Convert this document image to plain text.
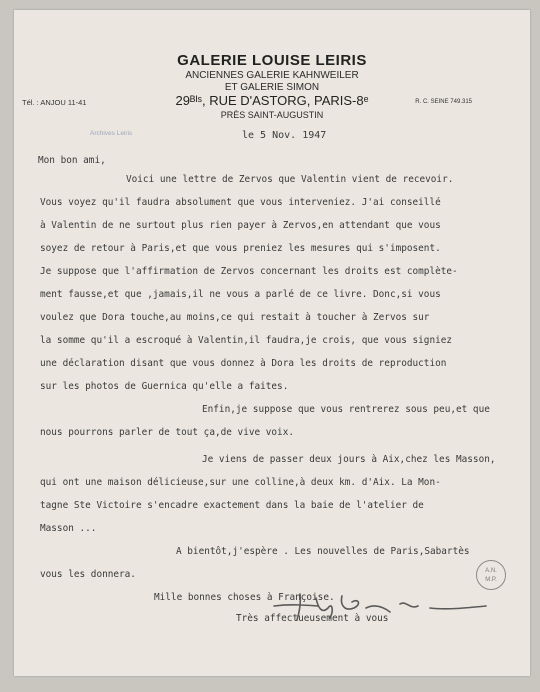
GALERIE LOUISE LEIRIS
ANCIENNES GALERIE KAHNWEILER
ET GALERIE SIMON
29ᴮᴵˢ, RUE D'ASTORG, PARIS-8ᵉ
PRÈS SAINT-AUGUSTIN
Tél. : ANJOU 11-41	R. C. SEINE 749.315
Archives Leiris	le 5 Nov. 1947
Mon bon ami,
Voici une lettre de Zervos que Valentin vient de recevoir.
Vous voyez qu'il faudra absolument que vous interveniez. J'ai conseillé
à Valentin de ne surtout plus rien payer à Zervos,en attendant que vous
soyez de retour à Paris,et que vous preniez les mesures qui s'imposent.
Je suppose que l'affirmation de Zervos concernant les droits est complète-
ment fausse,et que ,jamais,il ne vous a parlé de ce livre. Donc,si vous
voulez que Dora touche,au moins,ce qui restait à toucher à Zervos sur
la somme qu'il a escroqué à Valentin,il faudra,je crois, que vous signiez
une déclaration disant que vous donnez à Dora les droits de reproduction
sur les photos de Guernica qu'elle a faites.
Enfin,je suppose que vous rentrerez sous peu,et que
nous pourrons parler de tout ça,de vive voix.
Je viens de passer deux jours à Aix,chez les Masson,
qui ont une maison délicieuse,sur une colline,à deux km. d'Aix. La Mon-
tagne Ste Victoire s'encadre exactement dans la baie de l'atelier de
Masson ...
A bientôt,j'espère . Les nouvelles de Paris,Sabartès
vous les donnera.
Mille bonnes choses à Françoise.
Très affectueusement à vous
A.N.
M.P.
